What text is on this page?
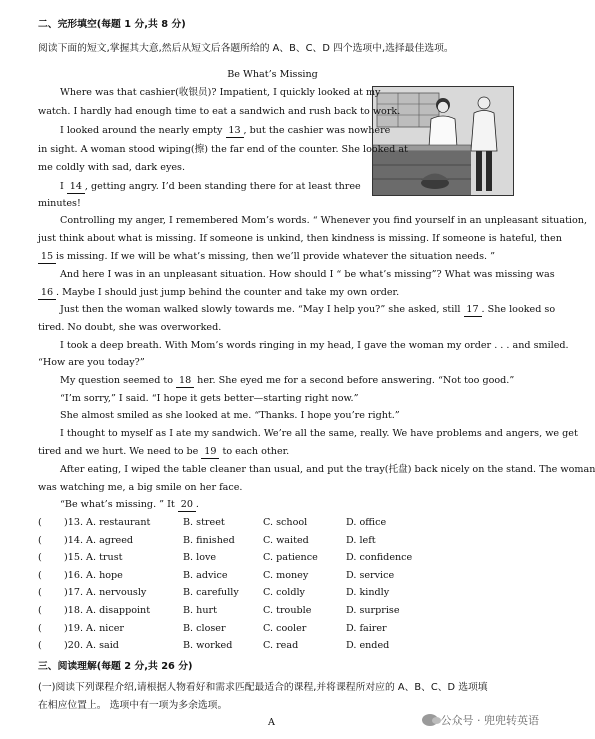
二、完形填空(每题 1 分,共 8 分)
阅读下面的短文,掌握其大意,然后从短文后各题所给的 A、B、C、D 四个选项中,选择最佳选项。
Be What’s Missing
Where was that cashier(收银员)? Impatient, I quickly looked at my
watch. I hardly had enough time to eat a sandwich and rush back to work.
I looked around the nearly empty 13 , but the cashier was nowhere
in sight. A woman stood wiping(擦) the far end of the counter. She looked at
me coldly with sad, dark eyes.
I 14 , getting angry. I’d been standing there for at least three
minutes!
Controlling my anger, I remembered Mom’s words. “ Whenever you find yourself in an unpleasant situation,
just think about what is missing. If someone is unkind, then kindness is missing. If someone is hateful, then
15 is missing. If we will be what’s missing, then we’ll provide whatever the situation needs. ”
And here I was in an unpleasant situation. How should I “ be what’s missing”? What was missing was
16 . Maybe I should just jump behind the counter and take my own order.
Just then the woman walked slowly towards me. “May I help you?” she asked, still 17 . She looked so
tired. No doubt, she was overworked.
I took a deep breath. With Mom’s words ringing in my head, I gave the woman my order . . . and smiled.
“How are you today?”
My question seemed to 18 her. She eyed me for a second before answering. “Not too good.”
“I’m sorry,” I said. “I hope it gets better—starting right now.”
She almost smiled as she looked at me. “Thanks. I hope you’re right.”
I thought to myself as I ate my sandwich. We’re all the same, really. We have problems and angers, we get
tired and we hurt. We need to be 19 to each other.
After eating, I wiped the table cleaner than usual, and put the tray(托盘) back nicely on the stand. The woman
was watching me, a big smile on her face.
“Be what’s missing. ” It 20 .
( )13. A. restaurant	B. street	C. school	D. office
( )14. A. agreed	B. finished	C. waited	D. left
( )15. A. trust	B. love	C. patience	D. confidence
( )16. A. hope	B. advice	C. money	D. service
( )17. A. nervously	B. carefully	C. coldly	D. kindly
( )18. A. disappoint	B. hurt	C. trouble	D. surprise
( )19. A. nicer	B. closer	C. cooler	D. fairer
( )20. A. said	B. worked	C. read	D. ended
三、阅读理解(每题 2 分,共 26 分)
(一)阅读下列课程介绍,请根据人物看好和需求匹配最适合的课程,并将课程所对应的 A、B、C、D 选项填
在相应位置上。 选项中有一项为多余选项。
A	公众号 · 兜兜转英语
